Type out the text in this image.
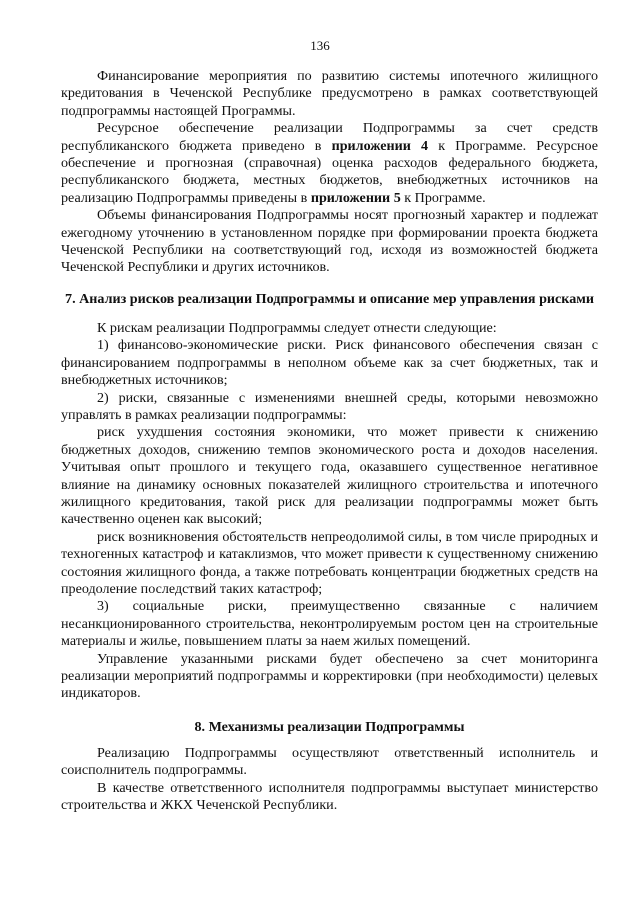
136

Финансирование мероприятия по развитию системы ипотечного жилищного кредитования в Чеченской Республике предусмотрено в рамках соответствующей подпрограммы настоящей Программы.

Ресурсное обеспечение реализации Подпрограммы за счет средств республиканского бюджета приведено в приложении 4 к Программе. Ресурсное обеспечение и прогнозная (справочная) оценка расходов федерального бюджета, республиканского бюджета, местных бюджетов, внебюджетных источников на реализацию Подпрограммы приведены в приложении 5 к Программе.

Объемы финансирования Подпрограммы носят прогнозный характер и подлежат ежегодному уточнению в установленном порядке при формировании проекта бюджета Чеченской Республики на соответствующий год, исходя из возможностей бюджета Чеченской Республики и других источников.

7. Анализ рисков реализации Подпрограммы и описание мер управления рисками

К рискам реализации Подпрограммы следует отнести следующие:

1) финансово-экономические риски. Риск финансового обеспечения связан с финансированием подпрограммы в неполном объеме как за счет бюджетных, так и внебюджетных источников;

2) риски, связанные с изменениями внешней среды, которыми невозможно управлять в рамках реализации подпрограммы:

риск ухудшения состояния экономики, что может привести к снижению бюджетных доходов, снижению темпов экономического роста и доходов населения. Учитывая опыт прошлого и текущего года, оказавшего существенное негативное влияние на динамику основных показателей жилищного строительства и ипотечного жилищного кредитования, такой риск для реализации подпрограммы может быть качественно оценен как высокий;

риск возникновения обстоятельств непреодолимой силы, в том числе природных и техногенных катастроф и катаклизмов, что может привести к существенному снижению состояния жилищного фонда, а также потребовать концентрации бюджетных средств на преодоление последствий таких катастроф;

3) социальные риски, преимущественно связанные с наличием несанкционированного строительства, неконтролируемым ростом цен на строительные материалы и жилье, повышением платы за наем жилых помещений.

Управление указанными рисками будет обеспечено за счет мониторинга реализации мероприятий подпрограммы и корректировки (при необходимости) целевых индикаторов.

8. Механизмы реализации Подпрограммы

Реализацию Подпрограммы осуществляют ответственный исполнитель и соисполнитель подпрограммы.

В качестве ответственного исполнителя подпрограммы выступает министерство строительства и ЖКХ Чеченской Республики.
